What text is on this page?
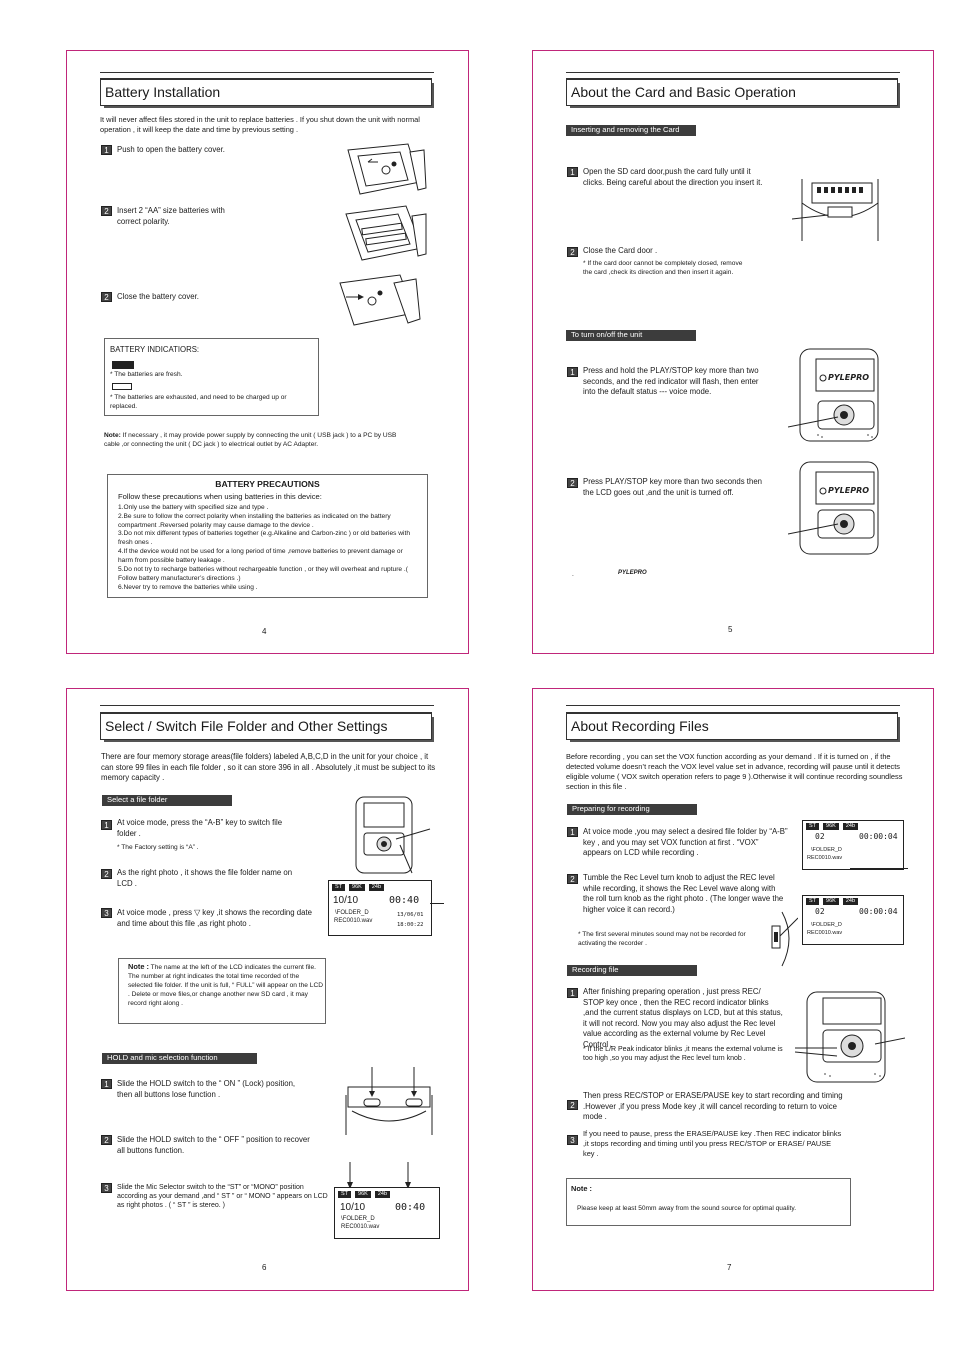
Battery Installation
It will never affect files stored in the unit to replace batteries . If you shut down the unit with normal operation , it will keep the date and time by previous setting .
1	Push to open the battery cover.
2	Insert 2 “AA” size batteries with correct polarity.
2	Close the battery cover.
BATTERY INDICATIORS:
* The batteries are fresh.
* The batteries are exhausted, and need to be charged up or replaced.
Note: If necessary , it may provide power supply by connecting the unit ( USB jack ) to a PC by USB cable ,or connecting the unit ( DC jack ) to electrical outlet by AC Adapter.
BATTERY PRECAUTIONS
Follow these precautions when using batteries in this device:
1.Only use the battery with specified size and type .
2.Be sure to follow the correct polarity when installing the batteries as indicated on the battery compartment .Reversed polarity may cause damage to the device .
3.Do not mix different types of batteries together (e.g.Alkaline and Carbon-zinc ) or old batteries with fresh ones .
4.If the device would not be used for a long period of time ,remove batteries to prevent damage or harm from possible battery leakage .
5.Do not try to recharge batteries without rechargeable function , or they will overheat and rupture .( Follow battery manufacturer’s directions .)
6.Never try to remove the batteries while using .
4
About the Card and Basic Operation
Inserting and removing the Card
1	Open the SD card door,push the card fully until it clicks. Being careful about the direction you insert it.
2	Close the Card door .
* If the card door cannot be completely closed, remove the card ,check its direction and then insert it again.
To turn on/off the unit
1	Press and hold the PLAY/STOP key more than two seconds, and the red indicator will flash, then enter into the default status --- voice mode.
PYLEPRO
2	Press PLAY/STOP key more than two seconds then the LCD goes out ,and the unit is turned off.	PYLEPRO
.	PYLEPRO
5
Select / Switch File Folder and Other Settings
There are four memory storage areas(file folders) labeled A,B,C,D in the unit for your choice , it can store 99 files in each file folder , so it can store 396 in all . Absolutely ,it must be subject to its memory capacity .
Select a file folder
1	At voice mode, press the “A-B” key to switch file folder .
* The Factory setting is “A” .
2	As the right photo , it shows the file folder name on LCD .	ST 96K 24b
10/10	00:40
\FOLDER_D
REC0010.wav
13/06/01
18:00:22
3	At voice mode , press ▽ key ,it shows the recording date and time about this file ,as right photo .
Note : The name at the left of the LCD indicates the current file. The number at right indicates the total time recorded of the selected file folder. If the unit is full, “ FULL” will appear on the LCD . Delete or move files,or change another new SD card , it may record right along .
HOLD and mic selection function
1	Slide the HOLD switch to the “ ON ” (Lock) position, then all buttons lose function .
2	Slide the HOLD switch to the “ OFF ” position to recover all buttons function.
3	Slide the Mic Selector switch to the “ST” or “MONO” position according as your demand ,and “ ST ” or “ MONO ” appears on LCD as right photos . ( “ ST ” is stereo. )
ST 96K 24b
10/10	00:40
\FOLDER_D
REC0010.wav
6
About Recording Files
Before recording , you can set the VOX function according as your demand . If it is turned on , if the detected volume doesn’t reach the VOX level value set in advance, recording will pause until it detects eligible volume ( VOX switch operation refers to page 9 ).Otherwise it will continue recording soundless section in this file .
Preparing for recording
1	At voice mode ,you may select a desired file folder by “A-B” key , and you may set VOX function at first . “VOX” appears on LCD while recording .
ST 96K 24b
02	00:00:04
\FOLDER_D
REC0010.wav
2	Tumble the Rec Level turn knob to adjust the REC level while recording, it shows the Rec Level wave along with the roll turn knob as the right photo . (The longer wave the higher voice it can record.)
* The first several minutes sound may not be recorded for activating the recorder .
ST 96K 24b
02	00:00:04
\FOLDER_D
REC0010.wav
Recording file
1	After finishing preparing operation , just press REC/ STOP key once , then the REC record indicator blinks ,and the current status displays on LCD, but at this status, it will not record. Now you may also adjust the Rec level value according as the external volume by Rec Level Control .
* If the L/R Peak indicator blinks ,it means the external volume is too high ,so you may adjust the Rec level turn knob .
2
Then press REC/STOP or ERASE/PAUSE key to start recording and timing .However ,if you press Mode key ,it will cancel recording to return to voice mode .
3
If you need to pause, press the ERASE/PAUSE key .Then REC indicator blinks ,it stops recording and timing until you press REC/STOP or ERASE/ PAUSE key .
Note :
Please keep at least 50mm away from the sound source for optimal quality.
7
